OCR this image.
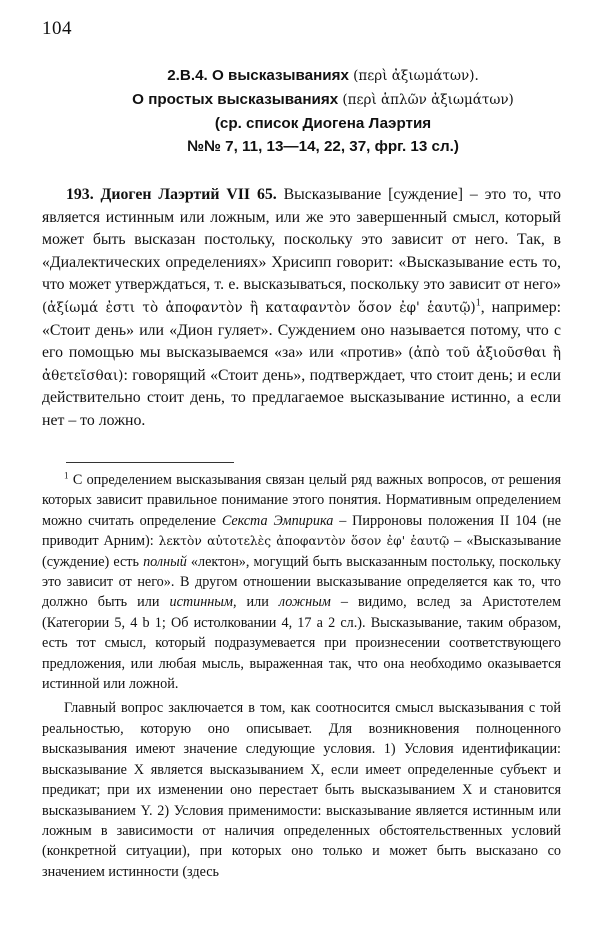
104
2.B.4. О высказываниях (περὶ ἀξιωμάτων).
О простых высказываниях (περὶ ἁπλῶν ἀξιωμάτων)
(ср. список Диогена Лаэртия
№№ 7, 11, 13—14, 22, 37, фрг. 13 сл.)

193. Диоген Лаэртий VII 65. Высказывание [суждение] – это то, что является истинным или ложным, или же это завершенный смысл, который может быть высказан постольку, поскольку это зависит от него. Так, в «Диалектических определениях» Хрисипп говорит: «Высказывание есть то, что может утверждаться, т. е. высказываться, поскольку это зависит от него» (ἀξίωμά ἐστι τὸ ἀποφαντὸν ἢ καταφαντὸν ὅσον ἐφ' ἑαυτῷ)$^1$, например: «Стоит день» или «Дион гуляет». Суждением оно называется потому, что с его помощью мы высказываемся «за» или «против» (ἀπὸ τοῦ ἀξιοῦσθαι ἢ ἀθετεῖσθαι): говорящий «Стоит день», подтверждает, что стоит день; и если действительно стоит день, то предлагаемое высказывание истинно, а если нет – то ложно.

$^1$ С определением высказывания связан целый ряд важных вопросов, от решения которых зависит правильное понимание этого понятия. Нормативным определением можно считать определение Секста Эмпирика – Пирроновы положения II 104 (не приводит Арним): λεκτὸν αὐτοτελὲς ἀποφαντὸν ὅσον ἐφ' ἑαυτῷ – «Высказывание (суждение) есть полный «лектон», могущий быть высказанным постольку, поскольку это зависит от него». В другом отношении высказывание определяется как то, что должно быть или истинным, или ложным – видимо, вслед за Аристотелем (Категории 5, 4 b 1; Об истолковании 4, 17 a 2 сл.). Высказывание, таким образом, есть тот смысл, который подразумевается при произнесении соответствующего предложения, или любая мысль, выраженная так, что она необходимо оказывается истинной или ложной.

Главный вопрос заключается в том, как соотносится смысл высказывания с той реальностью, которую оно описывает. Для возникновения полноценного высказывания имеют значение следующие условия. 1) Условия идентификации: высказывание X является высказыванием X, если имеет определенные субъект и предикат; при их изменении оно перестает быть высказыванием X и становится высказыванием Y. 2) Условия применимости: высказывание является истинным или ложным в зависимости от наличия определенных обстоятельственных условий (конкретной ситуации), при которых оно только и может быть высказано со значением истинности (здесь
